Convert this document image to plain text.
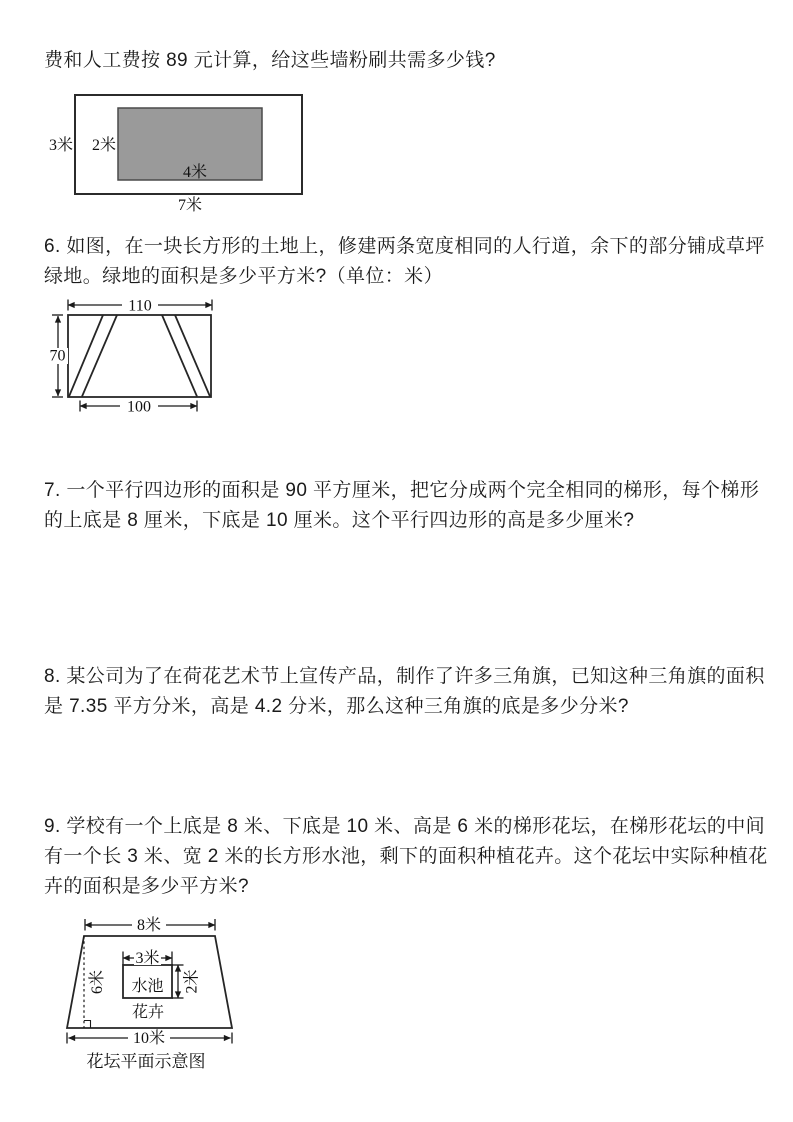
费和人工费按 89 元计算，给这些墙粉刷共需多少钱?
3米 2米
4米
7米
6. 如图，在一块长方形的土地上，修建两条宽度相同的人行道，余下的部分铺成草坪
绿地。绿地的面积是多少平方米?（单位：米）
110
70
100
7. 一个平行四边形的面积是 90 平方厘米，把它分成两个完全相同的梯形，每个梯形
的上底是 8 厘米，下底是 10 厘米。这个平行四边形的高是多少厘米?
8. 某公司为了在荷花艺术节上宣传产品，制作了许多三角旗，已知这种三角旗的面积
是 7.35 平方分米，高是 4.2 分米，那么这种三角旗的底是多少分米?
9. 学校有一个上底是 8 米、下底是 10 米、高是 6 米的梯形花坛，在梯形花坛的中间
有一个长 3 米、宽 2 米的长方形水池，剩下的面积种植花卉。这个花坛中实际种植花
卉的面积是多少平方米?
8米
6米 水池
3米
2米
花卉
10米
花坛平面示意图
